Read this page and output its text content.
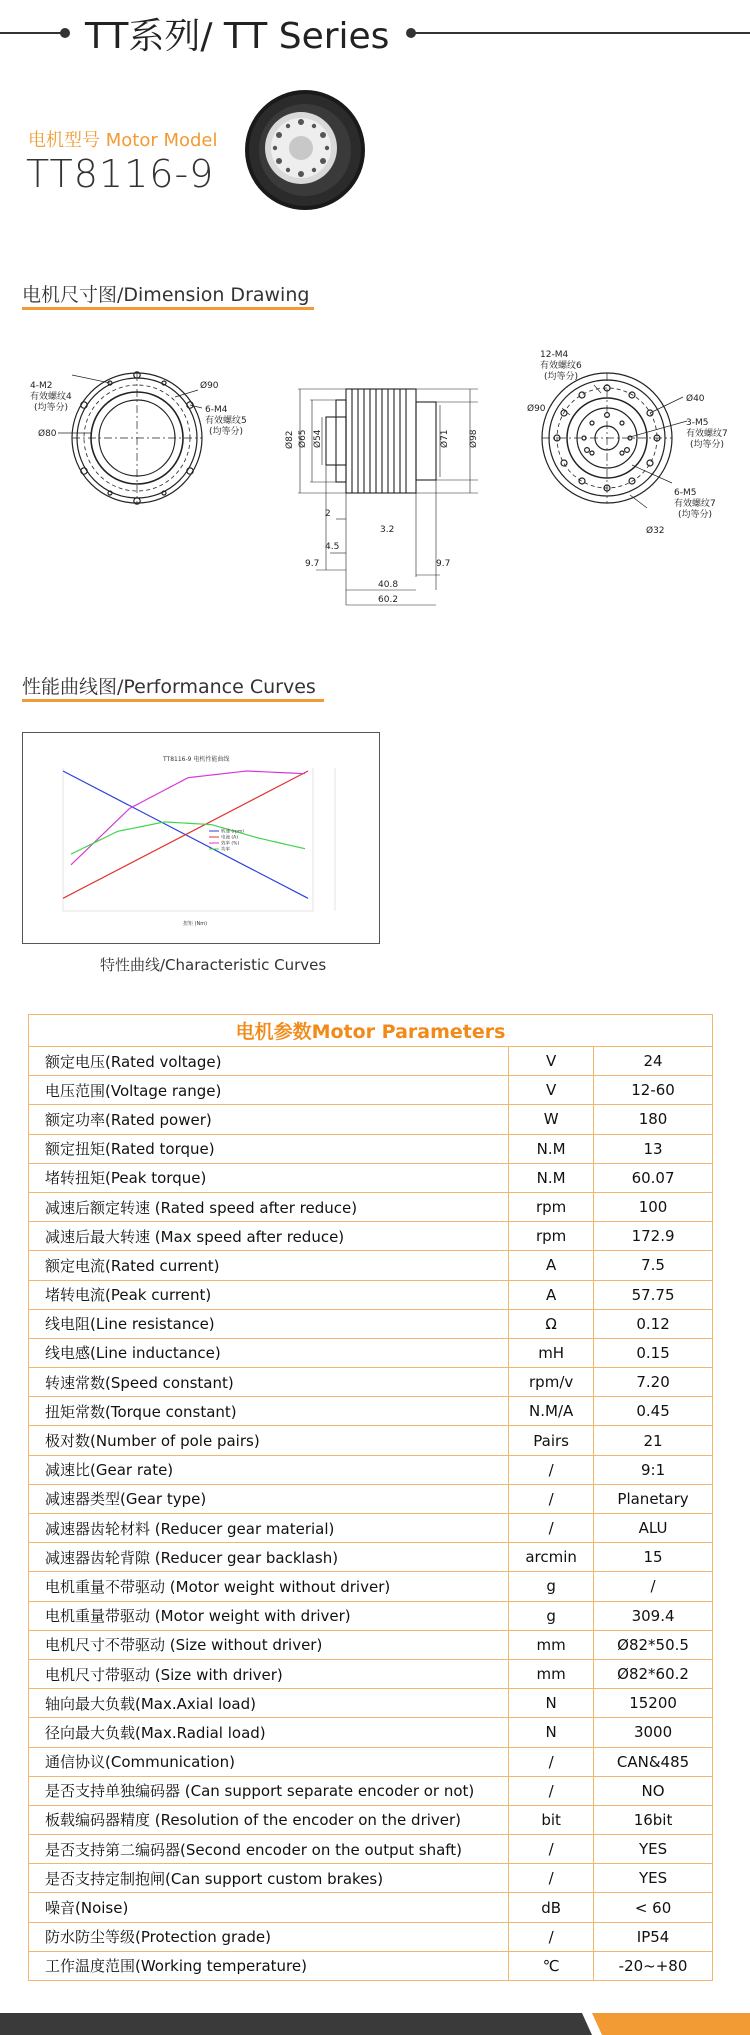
TT系列/ TT Series
电机型号 Motor Model
TT8116-9
电机尺寸图/Dimension Drawing
4-M2
有效螺纹4
(均等分)
Ø80
Ø90
6-M4
有效螺纹5
(均等分)	Ø82 Ø65 Ø54	Ø71 Ø98
2
3.2
4.5
9.7	9.7
40.8
60.2
12-M4
有效螺纹6
(均等分)
Ø90
Ø40
3-M5
有效螺纹7
(均等分)
6-M5
有效螺纹7
(均等分)
Ø32
性能曲线图/Performance Curves
TT8116-9 电机性能曲线
转速 (rpm)
电流 (A)
效率 (%)
功率
扭矩 (Nm)
特性曲线/Characteristic Curves
电机参数Motor Parameters		
额定电压(Rated voltage)	V	24
电压范围(Voltage range)	V	12-60
额定功率(Rated power)	W	180
额定扭矩(Rated torque)	N.M	13
堵转扭矩(Peak torque)	N.M	60.07
减速后额定转速 (Rated speed after reduce)	rpm	100
减速后最大转速 (Max speed after reduce)	rpm	172.9
额定电流(Rated current)	A	7.5
堵转电流(Peak current)	A	57.75
线电阻(Line resistance)	Ω	0.12
线电感(Line inductance)	mH	0.15
转速常数(Speed constant)	rpm/v	7.20
扭矩常数(Torque constant)	N.M/A	0.45
极对数(Number of pole pairs)	Pairs	21
减速比(Gear rate)	/	9:1
减速器类型(Gear type)	/	Planetary
减速器齿轮材料 (Reducer gear material)	/	ALU
减速器齿轮背隙 (Reducer gear backlash)	arcmin	15
电机重量不带驱动 (Motor weight without driver)	g	/
电机重量带驱动 (Motor weight with driver)	g	309.4
电机尺寸不带驱动 (Size without driver)	mm	Ø82*50.5
电机尺寸带驱动 (Size with driver)	mm	Ø82*60.2
轴向最大负载(Max.Axial load)	N	15200
径向最大负载(Max.Radial load)	N	3000
通信协议(Communication)	/	CAN&485
是否支持单独编码器 (Can support separate encoder or not)	/	NO
板载编码器精度 (Resolution of the encoder on the driver)	bit	16bit
是否支持第二编码器(Second encoder on the output shaft)	/	YES
是否支持定制抱闸(Can support custom brakes)	/	YES
噪音(Noise)	dB	< 60
防水防尘等级(Protection grade)	/	IP54
工作温度范围(Working temperature)	℃	-20~+80
